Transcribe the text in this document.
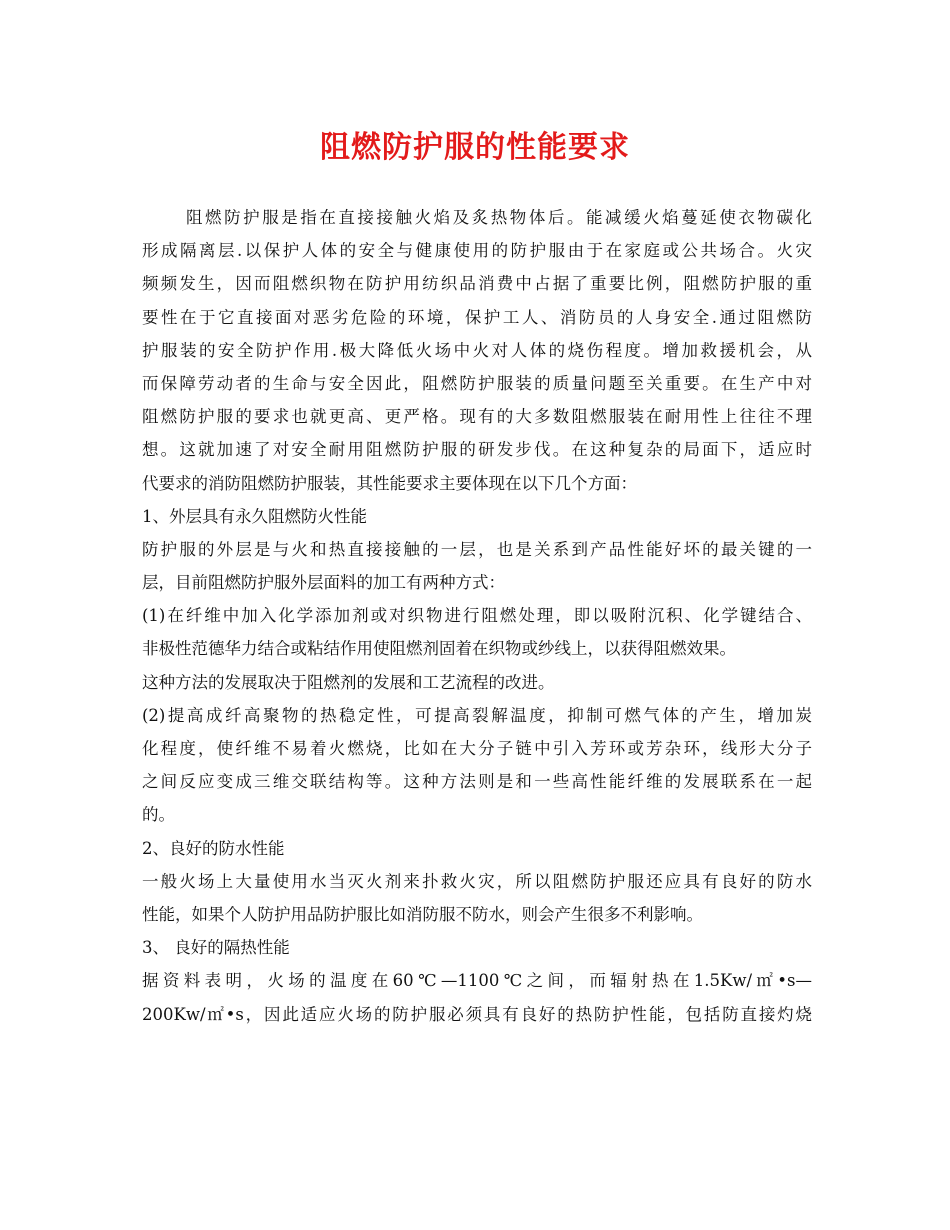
阻燃防护服的性能要求
阻燃防护服是指在直接接触火焰及炙热物体后。能减缓火焰蔓延使衣物碳化
形成隔离层.以保护人体的安全与健康使用的防护服由于在家庭或公共场合。火灾
频频发生，因而阻燃织物在防护用纺织品消费中占据了重要比例，阻燃防护服的重
要性在于它直接面对恶劣危险的环境，保护工人、消防员的人身安全.通过阻燃防
护服装的安全防护作用.极大降低火场中火对人体的烧伤程度。增加救援机会，从
而保障劳动者的生命与安全因此，阻燃防护服装的质量问题至关重要。在生产中对
阻燃防护服的要求也就更高、更严格。现有的大多数阻燃服装在耐用性上往往不理
想。这就加速了对安全耐用阻燃防护服的研发步伐。在这种复杂的局面下，适应时
代要求的消防阻燃防护服装，其性能要求主要体现在以下几个方面：
1、外层具有永久阻燃防火性能
防护服的外层是与火和热直接接触的一层，也是关系到产品性能好坏的最关键的一
层，目前阻燃防护服外层面料的加工有两种方式：
(1)在纤维中加入化学添加剂或对织物进行阻燃处理，即以吸附沉积、化学键结合、
非极性范德华力结合或粘结作用使阻燃剂固着在织物或纱线上，以获得阻燃效果。
这种方法的发展取决于阻燃剂的发展和工艺流程的改进。
(2)提高成纤高聚物的热稳定性，可提高裂解温度，抑制可燃气体的产生，增加炭
化程度，使纤维不易着火燃烧，比如在大分子链中引入芳环或芳杂环，线形大分子
之间反应变成三维交联结构等。这种方法则是和一些高性能纤维的发展联系在一起
的。
2、良好的防水性能
一般火场上大量使用水当灭火剂来扑救火灾，所以阻燃防护服还应具有良好的防水
性能，如果个人防护用品防护服比如消防服不防水，则会产生很多不利影响。
3、 良好的隔热性能
据资料表明，火场的温度在60℃—1100℃之间，而辐射热在1.5Kw/㎡•s—
200Kw/㎡•s，因此适应火场的防护服必须具有良好的热防护性能，包括防直接灼烧
